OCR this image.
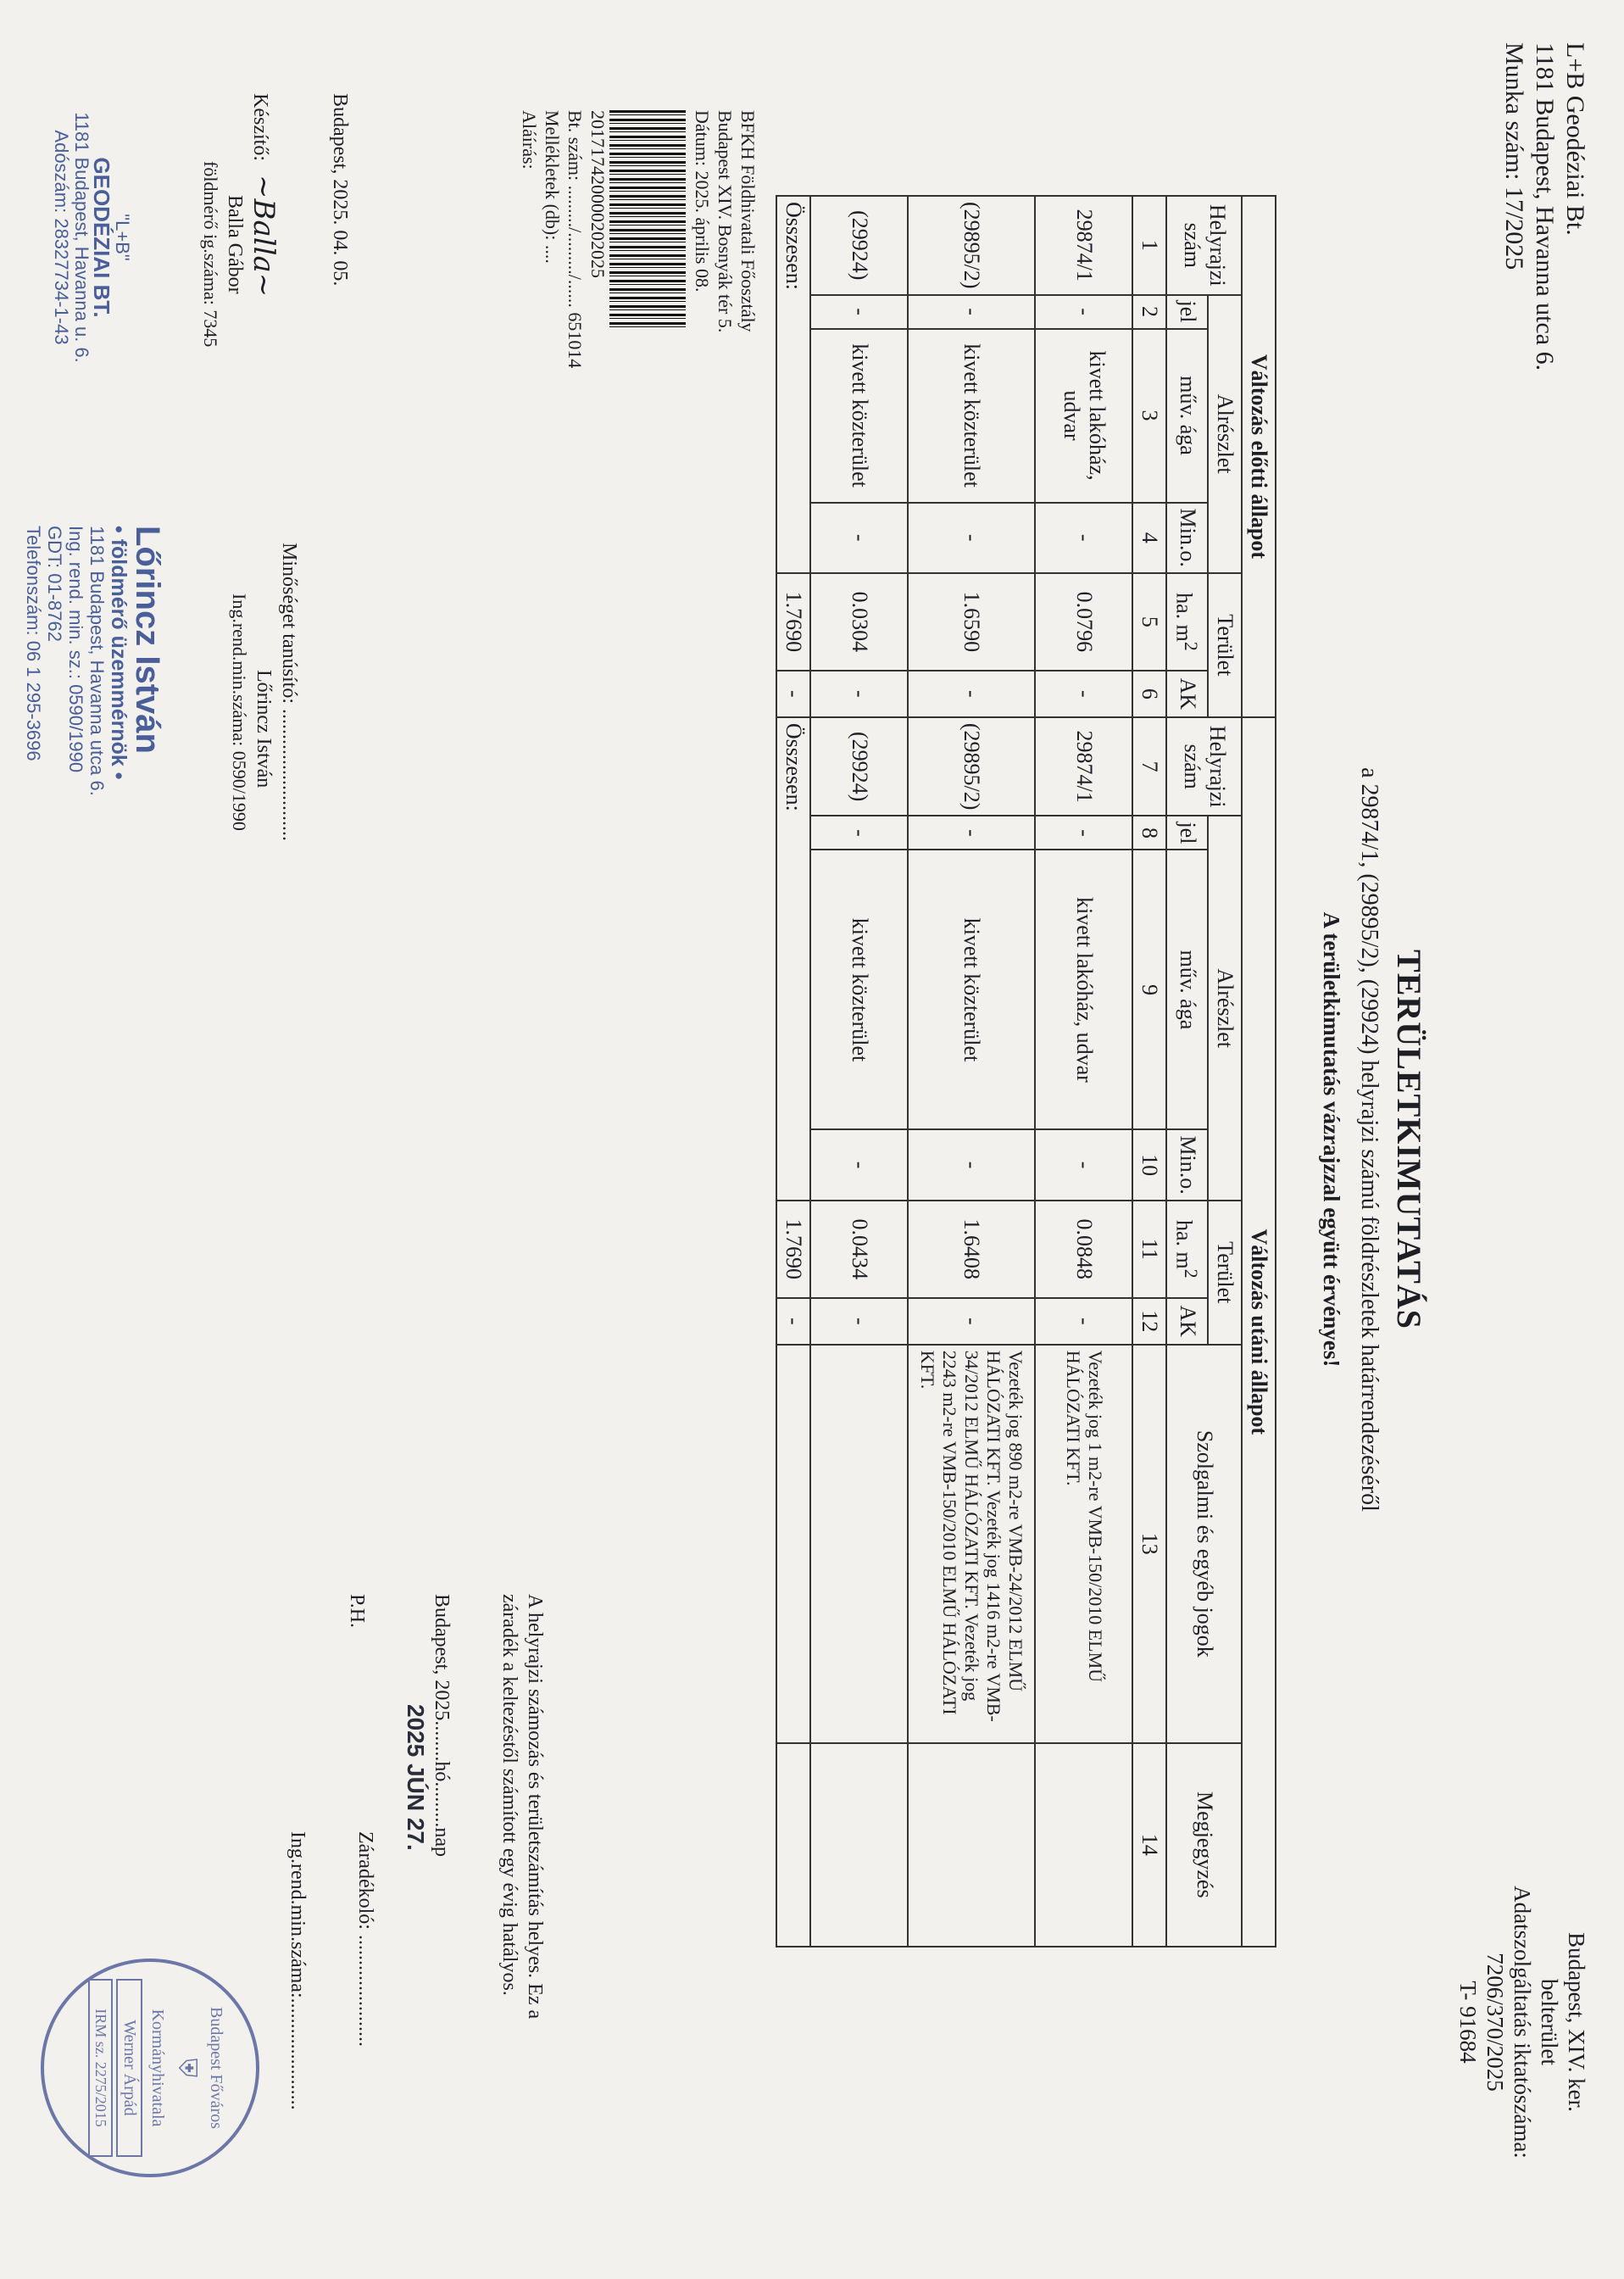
L+B Geodéziai Bt.
1181 Budapest, Havanna utca 6.
Munka szám: 17/2025
Budapest, XIV. ker.
belterület
Adatszolgáltatás iktatószáma: 7206/370/2025
T- 91684
TERÜLETKIMUTATÁS
a 29874/1, (29895/2), (29924) helyrajzi számú földrészletek határrendezéséről
A területkimutatás vázrajzzal együtt érvényes!
Változás előtti állapot						Változás utáni állapot							
Helyrajzi szám	Alrészlet			Terület		Helyrajzi szám	Alrészlet			Terület		Szolgalmi és egyéb jogok	Megjegyzés
	jel	műv. ága	Min.o.	ha. $m^2$	AK		jel	műv. ága	Min.o.	ha. $m^2$	AK		
1	2	3	4	5	6	7	8	9	10	11	12	13	14
29874/1	-	kivett lakóház, udvar	-	0.0796	-	29874/1	-	kivett lakóház, udvar	-	0.0848	-	Vezeték jog 1 m2-re VMB-150/2010 ELMŰ HÁLÓZATI KFT.	
(29895/2)	-	kivett közterület	-	1.6590	-	(29895/2)	-	kivett közterület	-	1.6408	-	Vezeték jog 890 m2-re VMB-24/2012 ELMŰ HÁLÓZATI KFT. Vezeték jog 1416 m2-re VMB-34/2012 ELMŰ HÁLÓZATI KFT. Vezeték jog 2243 m2-re VMB-150/2010 ELMŰ HÁLÓZATI KFT.	
(29924)	-	kivett közterület	-	0.0304	-	(29924)	-	kivett közterület	-	0.0434	-		
Összesen:				1.7690	-	Összesen:				1.7690	-		
BFKH Földhivatali Főosztály
Budapest XIV. Bosnyák tér 5.
Dátum: 2025. április 08.
201717420000202025
Bt. szám: ........./........./...... 651014
Mellékletek (db): ....
Aláírás:
Budapest, 2025. 04. 05.
Készítő: ~Balla~
Balla Gábor
földmérő ig.száma: 7345
"L+B"
GEODÉZIAI BT.
1181 Budapest, Havanna u. 6.
Adószám: 28327734-1-43
Minőséget tanúsító: ..........................
Lőrincz István
Ing.rend.min.száma: 0590/1990
Lőrincz István
• földmérő üzemmérnök •
1181 Budapest, Havanna utca 6.
Ing. rend. min. sz.: 0590/1990
GDT: 01-8762
Telefonszám: 06 1 295-3696
A helyrajzi számozás és területszámítás helyes. Ez a záradék a keltezéstől számított egy évig hatályos.
Budapest, 2025........hó.........nap
2025 JÚN 27.
P.H.
Záradékoló: ......................
Ing.rend.min.száma:......................
Budapest Főváros
⛨
Kormányhivatala
Werner Árpád
IRM sz. 2275/2015
